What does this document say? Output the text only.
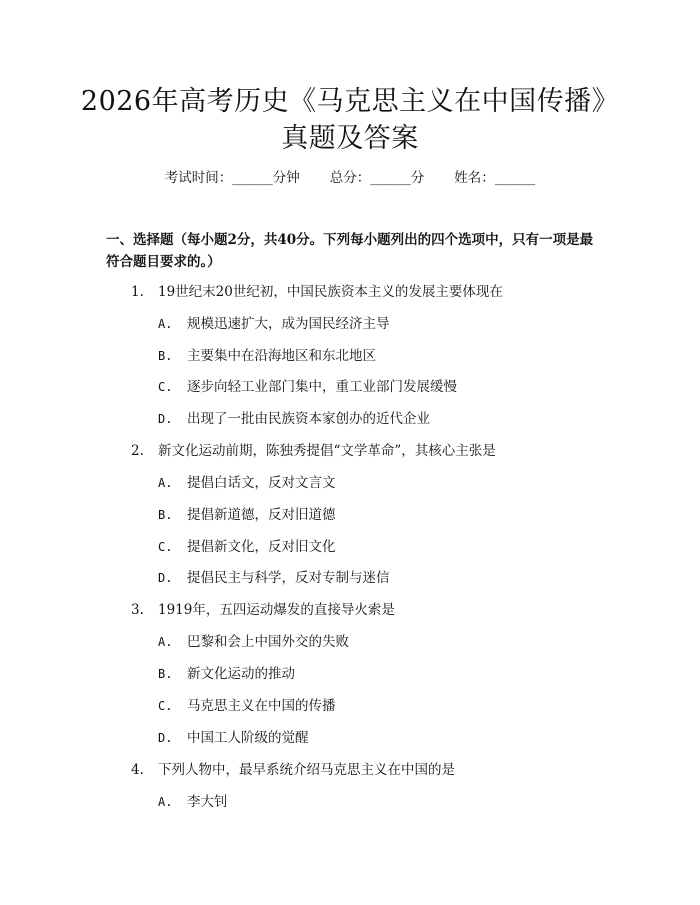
2026年高考历史《马克思主义在中国传播》
真题及答案
考试时间：______分钟 总分：______分 姓名：______
一、选择题（每小题2分，共40分。下列每小题列出的四个选项中，只有一项是最符合题目要求的。）
1. 19世纪末20世纪初，中国民族资本主义的发展主要体现在
A. 规模迅速扩大，成为国民经济主导
B. 主要集中在沿海地区和东北地区
C. 逐步向轻工业部门集中，重工业部门发展缓慢
D. 出现了一批由民族资本家创办的近代企业
2. 新文化运动前期，陈独秀提倡“文学革命”，其核心主张是
A. 提倡白话文，反对文言文
B. 提倡新道德，反对旧道德
C. 提倡新文化，反对旧文化
D. 提倡民主与科学，反对专制与迷信
3. 1919年，五四运动爆发的直接导火索是
A. 巴黎和会上中国外交的失败
B. 新文化运动的推动
C. 马克思主义在中国的传播
D. 中国工人阶级的觉醒
4. 下列人物中，最早系统介绍马克思主义在中国的是
A. 李大钊
